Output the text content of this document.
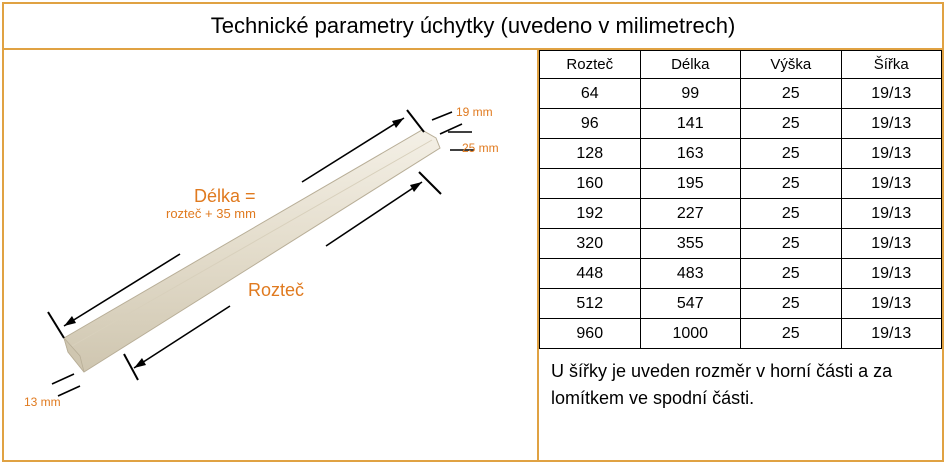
Technické parametry úchytky (uvedeno v milimetrech)
19 mm
25 mm
13 mm
Délka =
rozteč + 35 mm
Rozteč
Rozteč	Délka	Výška	Šířka
64	99	25	19/13
96	141	25	19/13
128	163	25	19/13
160	195	25	19/13
192	227	25	19/13
320	355	25	19/13
448	483	25	19/13
512	547	25	19/13
960	1000	25	19/13
U šířky je uveden rozměr v horní části a za lomítkem ve spodní části.
